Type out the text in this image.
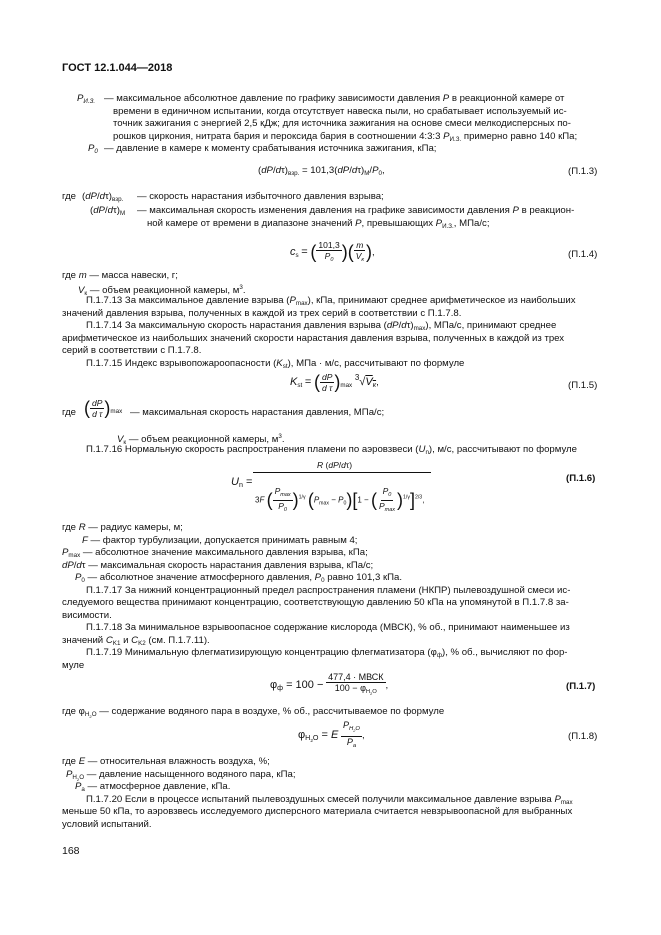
ГОСТ 12.1.044—2018
$P_{И.З.}$ — максимальное абсолютное давление по графику зависимости давления P в реакционной камере от
времени в единичном испытании, когда отсутствует навеска пыли, но срабатывает используемый ис-
точник зажигания с энергией 2,5 кДж; для источника зажигания на основе смеси мелкодисперсных по-
рошков циркония, нитрата бария и пероксида бария в соотношении 4:3:3 $P_{И.З.}$ примерно равно 140 кПа;
$P_0$ — давление в камере к моменту срабатывания источника зажигания, кПа;
$(dP/d\tau)_{взр.} = 101,3(dP/d\tau)_М/P_0$,	(П.1.3)
где $(dP/d\tau)_{взр.}$ — скорость нарастания избыточного давления взрыва;
$(dP/d\tau)_М$ — максимальная скорость изменения давления на графике зависимости давления P в реакцион-
ной камере от времени в диапазоне значений P, превышающих $P_{И.З.}$, МПа/с;
$c_s$ = ( $\frac{101,3}{P_0}$ )( $\frac{m}{V_к}$ ),	(П.1.4)
где m — масса навески, г;
$V_к$ — объем реакционной камеры, $м^3$.
П.1.7.13 За максимальное давление взрыва $(P_{max})$, кПа, принимают среднее арифметическое из наибольших
значений давления взрыва, полученных в каждой из трех серий в соответствии с П.1.7.8.
П.1.7.14 За максимальную скорость нарастания давления взрыва $(dP/d\tau)_{max}$), МПа/с, принимают среднее
арифметическое из наибольших значений скорости нарастания давления взрыва, полученных в каждой из трех
серий в соответствии с П.1.7.8.
П.1.7.15 Индекс взрывопожароопасности $(K_{st})$, МПа · м/с, рассчитывают по формуле
$K_{st}$ = ( $\frac{dP}{\text{d τ}} )_{max}$ $^3√V_к$,	(П.1.5)
где ( $\frac{dP}{\text{d τ}} )_{max}$ — максимальная скорость нарастания давления, МПа/с;
$V_к$ — объем реакционной камеры, $м^3$.
П.1.7.16 Нормальную скорость распространения пламени по аэровзвеси $(U_n)$, м/с, рассчитывают по формуле
$U_n$ =
R (dP/dτ)
3F ( $\frac{P_{max}}{P_0} )^{1/\gamma}$ $(P_{max} - P_0)[1$ − ( $\frac{P_0}{P_{max}} )^{1/\gamma}]^{2/3}$,
(П.1.6)
где R — радиус камеры, м;
F — фактор турбулизации, допускается принимать равным 4;
$P_{max}$ — абсолютное значение максимального давления взрыва, кПа;
dP/dτ — максимальная скорость нарастания давления взрыва, кПа/с;
$P_0$ — абсолютное значение атмосферного давления, $P_0$ равно 101,3 кПа.
П.1.7.17 За нижний концентрационный предел распространения пламени (НКПР) пылевоздушной смеси ис-
следуемого вещества принимают концентрацию, соответствующую давлению 50 кПа на упомянутой в П.1.7.8 за-
висимости.
П.1.7.18 За минимальное взрывоопасное содержание кислорода (МВСК), % об., принимают наименьшее из
значений $C_{K1}$ и $C_{K2}$ (см. П.1.7.11).
П.1.7.19 Минимальную флегматизирующую концентрацию флегматизатора $(\varphi_ф)$, % об., вычисляют по фор-
муле
$\varphi_ф = 100 - \frac{\text{477,4 · МВСК}}{100 - \varphi_{H_2O}}$ ,	(П.1.7)
где $\varphi_{H_2O}$ — содержание водяного пара в воздухе, % об., рассчитываемое по формуле
$\varphi_{H_2O} = E \frac{P_{H_2O}}{P_а}$ ,	(П.1.8)
где E — относительная влажность воздуха, %;
$P_{H_2O}$ — давление насыщенного водяного пара, кПа;
$P_а$ — атмосферное давление, кПа.
П.1.7.20 Если в процессе испытаний пылевоздушных смесей получили максимальное давление взрыва $P_{max}$
меньше 50 кПа, то аэровзвесь исследуемого дисперсного материала считается невзрывоопасной для выбранных
условий испытаний.
168
